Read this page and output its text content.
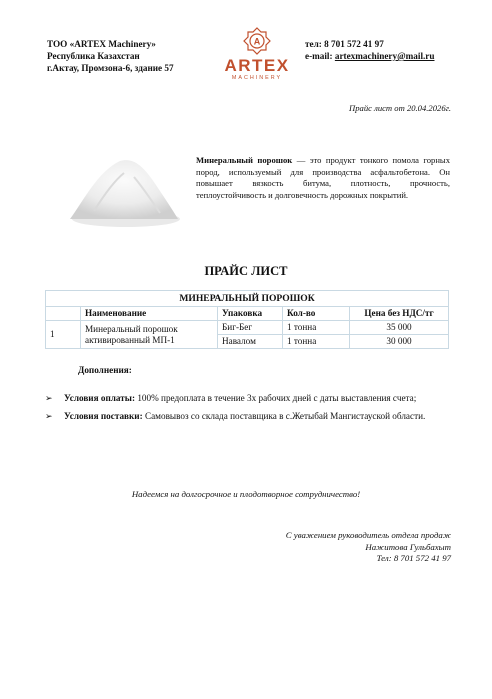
ТОО «ARTEX Machinery»
Республика Казахстан
г.Актау, Промзона-6, здание 57
A
ARTEX
MACHINERY
тел: 8 701 572 41 97
e-mail: artexmachinery@mail.ru
Прайс лист от 20.04.2026г.
Минеральный порошок — это продукт тонкого помола горных пород, используемый для производства асфальтобетона. Он повышает вязкость битума, плотность, прочность, теплоустойчивость и долговечность дорожных покрытий.
ПРАЙС ЛИСТ
МИНЕРАЛЬНЫЙ ПОРОШОК				
	Наименование	Упаковка	Кол-во	Цена без НДС/тг
1	Минеральный порошок активированный МП-1	Биг-Бег	1 тонна	35 000
		Навалом	1 тонна	30 000
Дополнения:
➢ Условия оплаты: 100% предоплата в течение 3х рабочих дней с даты выставления счета;
➢ Условия поставки: Самовывоз со склада поставщика в с.Жетыбай Мангистауской области.
Надеемся на долгосрочное и плодотворное сотрудничество!
С уважением руководитель отдела продаж
Нажитова Гульбахыт
Тел: 8 701 572 41 97
